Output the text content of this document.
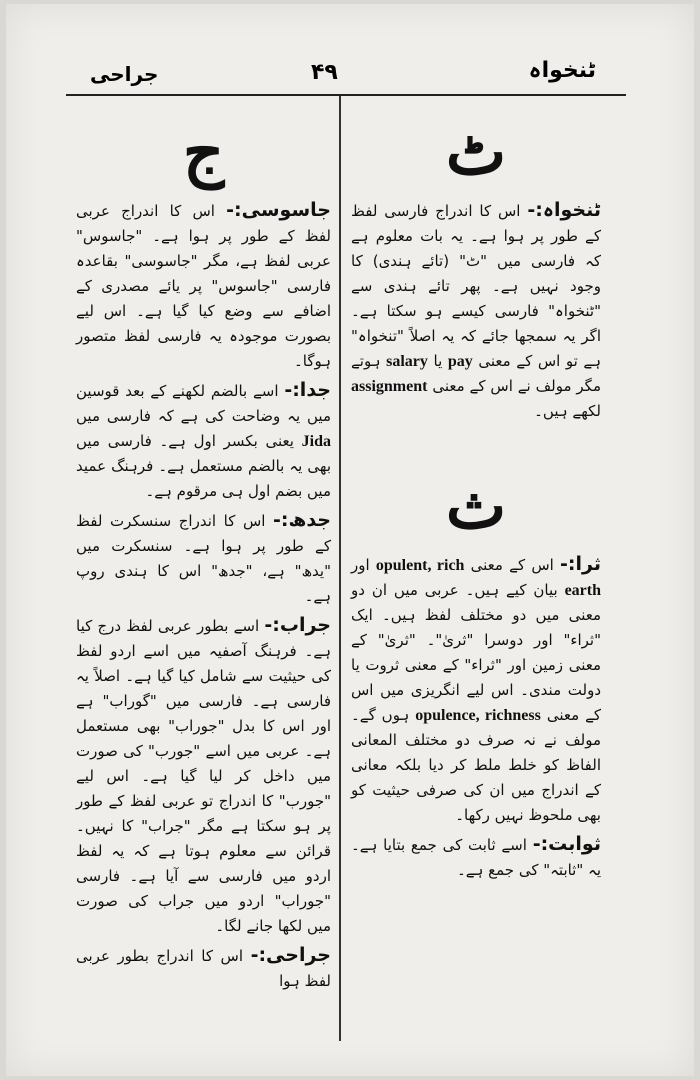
ٹنخواہ
۴۹
جراحی
ٹ

ٹنخواہ:- اس کا اندراج فارسی لفظ کے طور پر ہوا ہے۔ یہ بات معلوم ہے کہ فارسی میں "ٹ" (تائے ہندی) کا وجود نہیں ہے۔ پھر تائے ہندی سے "ٹنخواہ" فارسی کیسے ہو سکتا ہے۔ اگر یہ سمجھا جائے کہ یہ اصلاً "تنخواہ" ہے تو اس کے معنی pay یا salary ہوتے مگر مولف نے اس کے معنی assignment لکھے ہیں۔

ث

ثرا:- اس کے معنی opulent, rich اور earth بیان کیے ہیں۔ عربی میں ان دو معنی میں دو مختلف لفظ ہیں۔ ایک "ثراء" اور دوسرا "ثریٰ"۔ "ثریٰ" کے معنی زمین اور "ثراء" کے معنی ثروت یا دولت مندی۔ اس لیے انگریزی میں اس کے معنی opulence, richness ہوں گے۔ مولف نے نہ صرف دو مختلف المعانی الفاظ کو خلط ملط کر دیا بلکہ معانی کے اندراج میں ان کی صرفی حیثیت کو بھی ملحوظ نہیں رکھا۔

ثوابت:- اسے ثابت کی جمع بتایا ہے۔ یہ "ثابتہ" کی جمع ہے۔

ج

جاسوسی:- اس کا اندراج عربی لفظ کے طور پر ہوا ہے۔ "جاسوس" عربی لفظ ہے، مگر "جاسوسی" بقاعدہ فارسی "جاسوس" پر یائے مصدری کے اضافے سے وضع کیا گیا ہے۔ اس لیے بصورت موجودہ یہ فارسی لفظ متصور ہوگا۔

جدا:- اسے بالضم لکھنے کے بعد قوسین میں یہ وضاحت کی ہے کہ فارسی میں Jida یعنی بکسر اول ہے۔ فارسی میں بھی یہ بالضم مستعمل ہے۔ فرہنگ عمید میں بضم اول ہی مرقوم ہے۔

جدھ:- اس کا اندراج سنسکرت لفظ کے طور پر ہوا ہے۔ سنسکرت میں "یدھ" ہے، "جدھ" اس کا ہندی روپ ہے۔

جراب:- اسے بطور عربی لفظ درج کیا ہے۔ فرہنگ آصفیہ میں اسے اردو لفظ کی حیثیت سے شامل کیا گیا ہے۔ اصلاً یہ فارسی ہے۔ فارسی میں "گوراب" ہے اور اس کا بدل "جوراب" بھی مستعمل ہے۔ عربی میں اسے "جورب" کی صورت میں داخل کر لیا گیا ہے۔ اس لیے "جورب" کا اندراج تو عربی لفظ کے طور پر ہو سکتا ہے مگر "جراب" کا نہیں۔ قرائن سے معلوم ہوتا ہے کہ یہ لفظ اردو میں فارسی سے آیا ہے۔ فارسی "جوراب" اردو میں جراب کی صورت میں لکھا جانے لگا۔

جراحی:- اس کا اندراج بطور عربی لفظ ہوا
